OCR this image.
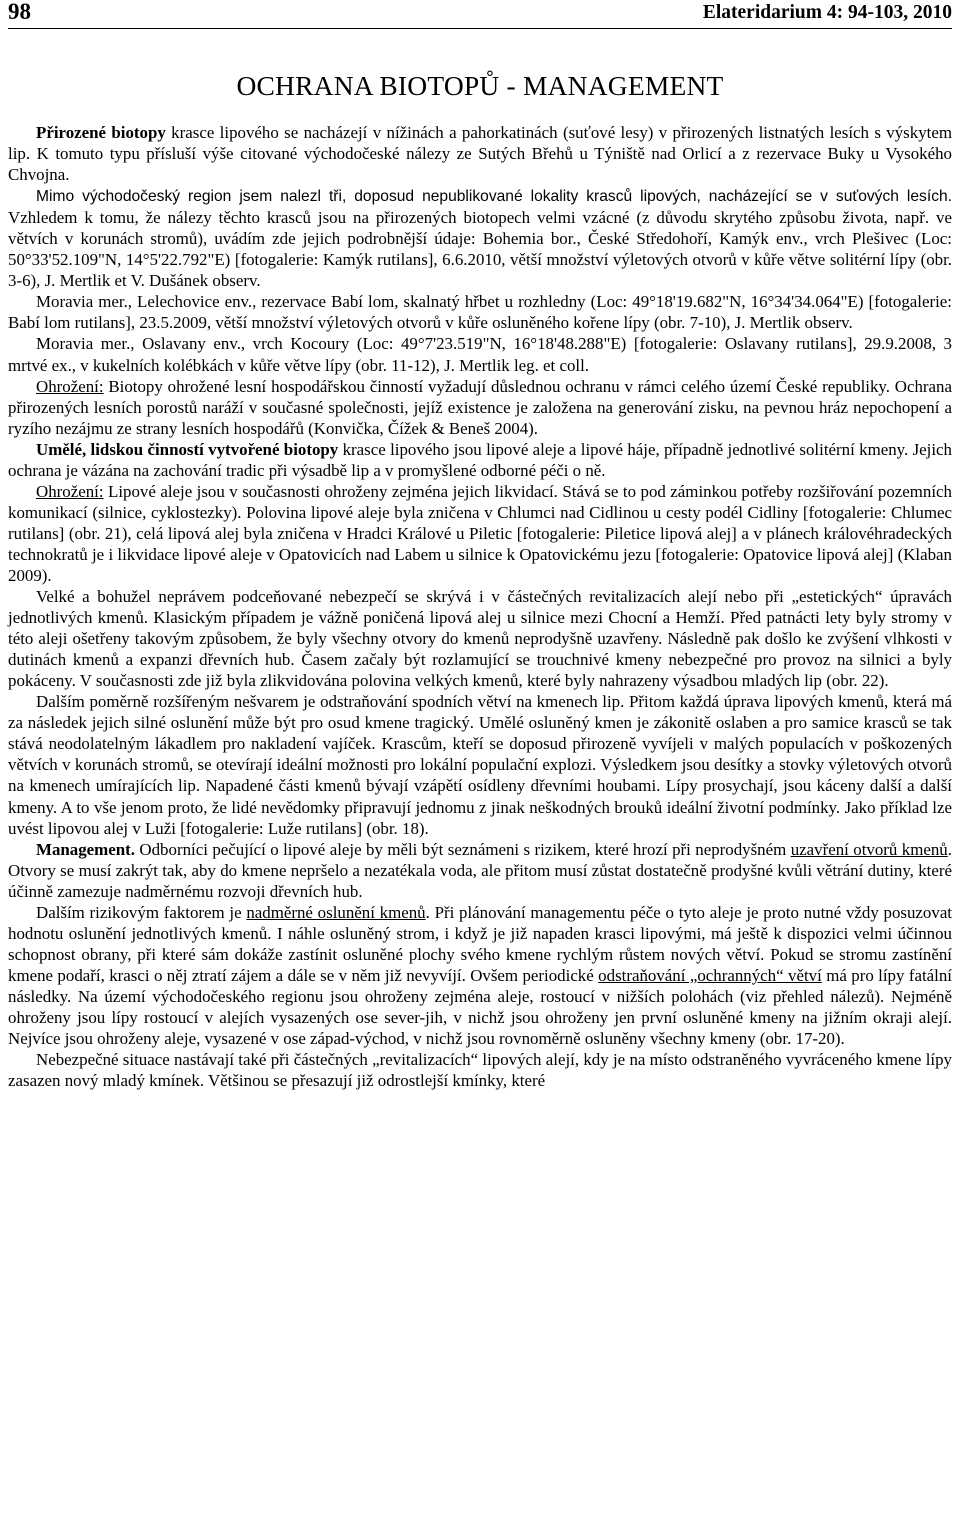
98	Elateridarium 4: 94-103, 2010
OCHRANA BIOTOPŮ - MANAGEMENT

Přirozené biotopy krasce lipového se nacházejí v nížinách a pahorkatinách (suťové lesy) v přirozených listnatých lesích s výskytem lip. K tomuto typu přísluší výše citované východočeské nálezy ze Sutých Břehů u Týniště nad Orlicí a z rezervace Buky u Vysokého Chvojna.

Mimo východočeský region jsem nalezl tři, doposud nepublikované lokality krasců lipových, nacházející se v suťových lesích. Vzhledem k tomu, že nálezy těchto krasců jsou na přirozených biotopech velmi vzácné (z důvodu skrytého způsobu života, např. ve větvích v korunách stromů), uvádím zde jejich podrobnější údaje: Bohemia bor., České Středohoří, Kamýk env., vrch Plešivec (Loc: 50°33'52.109"N, 14°5'22.792"E) [fotogalerie: Kamýk rutilans], 6.6.2010, větší množství výletových otvorů v kůře větve solitérní lípy (obr. 3-6), J. Mertlik et V. Dušánek observ.

Moravia mer., Lelechovice env., rezervace Babí lom, skalnatý hřbet u rozhledny (Loc: 49°18'19.682"N, 16°34'34.064"E) [fotogalerie: Babí lom rutilans], 23.5.2009, větší množství výletových otvorů v kůře osluněného kořene lípy (obr. 7-10), J. Mertlik observ.

Moravia mer., Oslavany env., vrch Kocoury (Loc: 49°7'23.519"N, 16°18'48.288"E) [fotogalerie: Oslavany rutilans], 29.9.2008, 3 mrtvé ex., v kukelních kolébkách v kůře větve lípy (obr. 11-12), J. Mertlik leg. et coll.

Ohrožení: Biotopy ohrožené lesní hospodářskou činností vyžadují důslednou ochranu v rámci celého území České republiky. Ochrana přirozených lesních porostů naráží v současné společnosti, jejíž existence je založena na generování zisku, na pevnou hráz nepochopení a ryzího nezájmu ze strany lesních hospodářů (Konvička, Čížek & Beneš 2004).

Umělé, lidskou činností vytvořené biotopy krasce lipového jsou lipové aleje a lipové háje, případně jednotlivé solitérní kmeny. Jejich ochrana je vázána na zachování tradic při výsadbě lip a v promyšlené odborné péči o ně.

Ohrožení: Lipové aleje jsou v současnosti ohroženy zejména jejich likvidací. Stává se to pod záminkou potřeby rozšiřování pozemních komunikací (silnice, cyklostezky). Polovina lipové aleje byla zničena v Chlumci nad Cidlinou u cesty podél Cidliny [fotogalerie: Chlumec rutilans] (obr. 21), celá lipová alej byla zničena v Hradci Králové u Piletic [fotogalerie: Piletice lipová alej] a v plánech královéhradeckých technokratů je i likvidace lipové aleje v Opatovicích nad Labem u silnice k Opatovickému jezu [fotogalerie: Opatovice lipová alej] (Klaban 2009).

Velké a bohužel neprávem podceňované nebezpečí se skrývá i v částečných revitalizacích alejí nebo při „estetických“ úpravách jednotlivých kmenů. Klasickým případem je vážně poničená lipová alej u silnice mezi Chocní a Hemží. Před patnácti lety byly stromy v této aleji ošetřeny takovým způsobem, že byly všechny otvory do kmenů neprodyšně uzavřeny. Následně pak došlo ke zvýšení vlhkosti v dutinách kmenů a expanzi dřevních hub. Časem začaly být rozlamující se trouchnivé kmeny nebezpečné pro provoz na silnici a byly pokáceny. V současnosti zde již byla zlikvidována polovina velkých kmenů, které byly nahrazeny výsadbou mladých lip (obr. 22).

Dalším poměrně rozšířeným nešvarem je odstraňování spodních větví na kmenech lip. Přitom každá úprava lipových kmenů, která má za následek jejich silné oslunění může být pro osud kmene tragický. Umělé osluněný kmen je zákonitě oslaben a pro samice krasců se tak stává neodolatelným lákadlem pro nakladení vajíček. Krascům, kteří se doposud přirozeně vyvíjeli v malých populacích v poškozených větvích v korunách stromů, se otevírají ideální možnosti pro lokální populační explozi. Výsledkem jsou desítky a stovky výletových otvorů na kmenech umírajících lip. Napadené části kmenů bývají vzápětí osídleny dřevními houbami. Lípy prosychají, jsou káceny další a další kmeny. A to vše jenom proto, že lidé nevědomky připravují jednomu z jinak neškodných brouků ideální životní podmínky. Jako příklad lze uvést lipovou alej v Luži [fotogalerie: Luže rutilans] (obr. 18).

Management. Odborníci pečující o lipové aleje by měli být seznámeni s rizikem, které hrozí při neprodyšném uzavření otvorů kmenů. Otvory se musí zakrýt tak, aby do kmene nepršelo a nezatékala voda, ale přitom musí zůstat dostatečně prodyšné kvůli větrání dutiny, které účinně zamezuje nadměrnému rozvoji dřevních hub.

Dalším rizikovým faktorem je nadměrné oslunění kmenů. Při plánování managementu péče o tyto aleje je proto nutné vždy posuzovat hodnotu oslunění jednotlivých kmenů. I náhle osluněný strom, i když je již napaden krasci lipovými, má ještě k dispozici velmi účinnou schopnost obrany, při které sám dokáže zastínit osluněné plochy svého kmene rychlým růstem nových větví. Pokud se stromu zastínění kmene podaří, krasci o něj ztratí zájem a dále se v něm již nevyvíjí. Ovšem periodické odstraňování „ochranných“ větví má pro lípy fatální následky. Na území východočeského regionu jsou ohroženy zejména aleje, rostoucí v nižších polohách (viz přehled nálezů). Nejméně ohroženy jsou lípy rostoucí v alejích vysazených ose sever-jih, v nichž jsou ohroženy jen první osluněné kmeny na jižním okraji alejí. Nejvíce jsou ohroženy aleje, vysazené v ose západ-východ, v nichž jsou rovnoměrně osluněny všechny kmeny (obr. 17-20).

Nebezpečné situace nastávají také při částečných „revitalizacích“ lipových alejí, kdy je na místo odstraněného vyvráceného kmene lípy zasazen nový mladý kmínek. Většinou se přesazují již odrostlejší kmínky, které
